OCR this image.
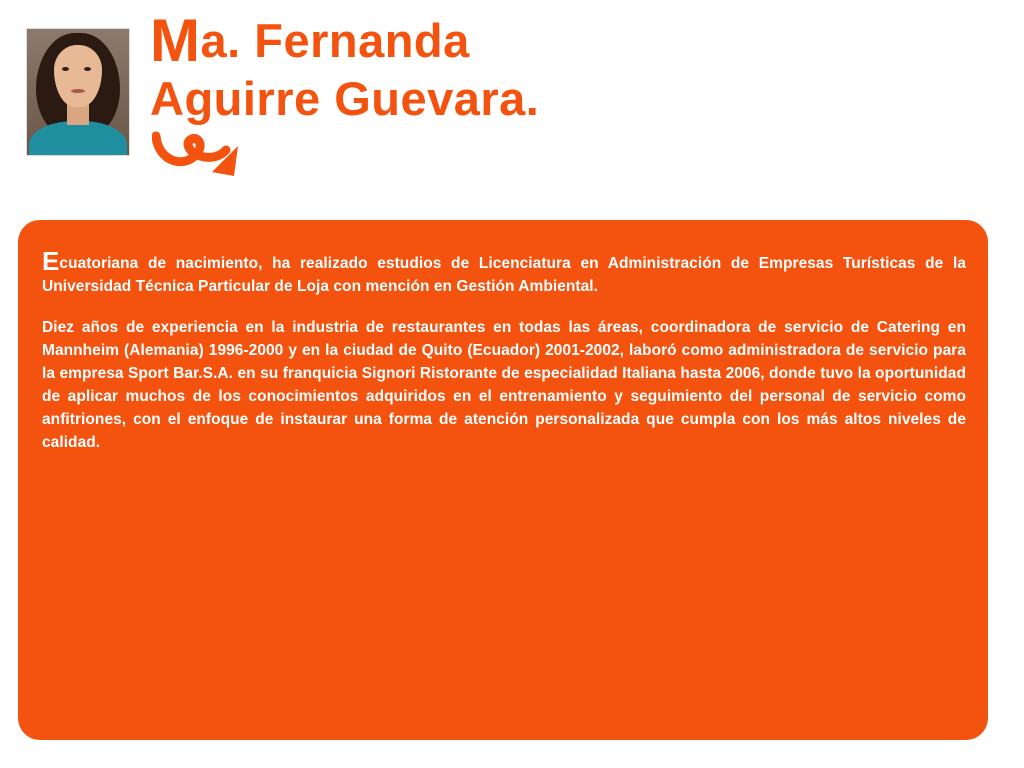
Ma. Fernanda
Aguirre Guevara.

Ecuatoriana de nacimiento, ha realizado estudios de Licenciatura en Administración de Empresas Turísticas de la Universidad Técnica Particular de Loja con mención en Gestión Ambiental.

Diez años de experiencia en la industria de restaurantes en todas las áreas, coordinadora de servicio de Catering en Mannheim (Alemania) 1996-2000 y en la ciudad de Quito (Ecuador) 2001-2002, laboró como administradora de servicio para la empresa Sport Bar.S.A. en su franquicia Signori Ristorante de especialidad Italiana hasta 2006, donde tuvo la oportunidad de aplicar muchos de los conocimientos adquiridos en el entrenamiento y seguimiento del personal de servicio como anfitriones, con el enfoque de instaurar una forma de atención personalizada que cumpla con los más altos niveles de calidad.
